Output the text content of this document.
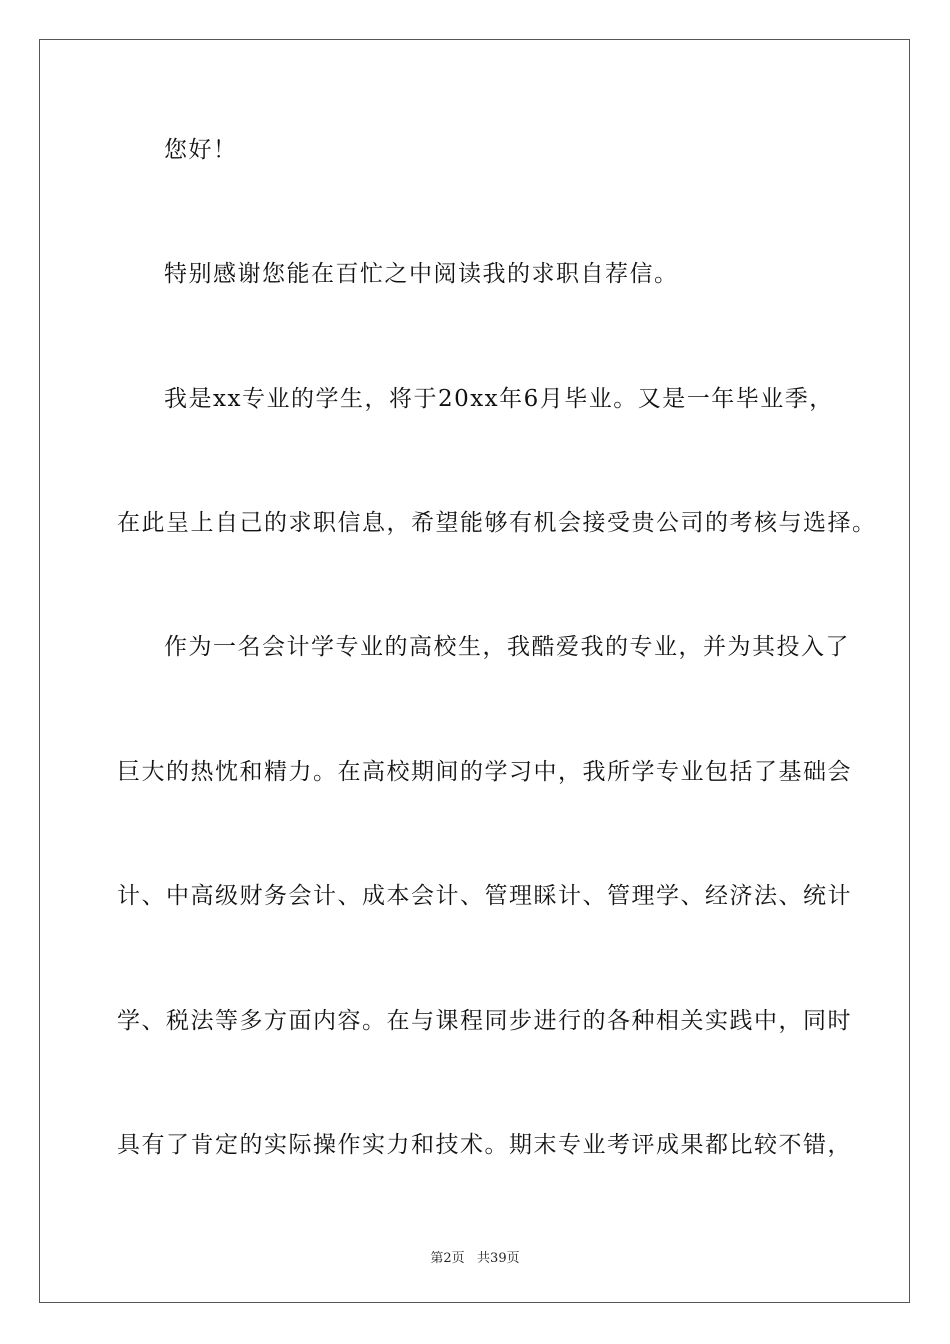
您好！
特别感谢您能在百忙之中阅读我的求职自荐信。
我是xx专业的学生，将于20xx年6月毕业。又是一年毕业季，
在此呈上自己的求职信息，希望能够有机会接受贵公司的考核与选择。
作为一名会计学专业的高校生，我酷爱我的专业，并为其投入了
巨大的热忱和精力。在高校期间的学习中，我所学专业包括了基础会
计、中高级财务会计、成本会计、管理睬计、管理学、经济法、统计
学、税法等多方面内容。在与课程同步进行的各种相关实践中，同时
具有了肯定的实际操作实力和技术。期末专业考评成果都比较不错，
第2页   共39页
